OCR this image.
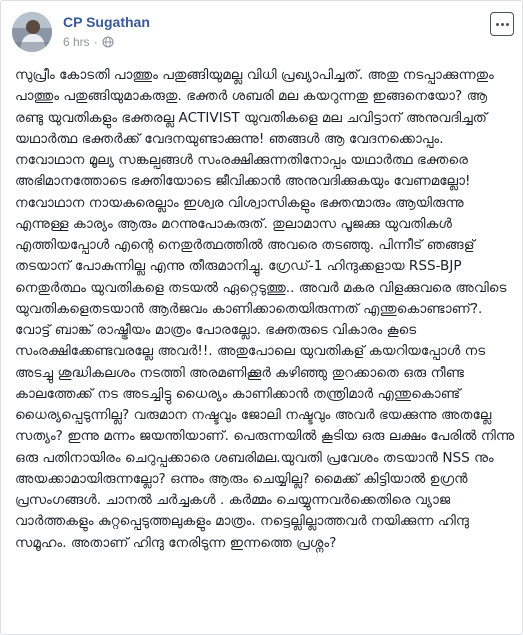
CP Sugathan
6 hrs ·
സുപ്രീം കോടതി പാത്തും പതുങ്ങിയുമല്ല വിധി പ്രഖ്യാപിച്ചത്. അതു നടപ്പാക്കുന്നതും പാത്തും പതുങ്ങിയുമാകരുതു. ഭക്തർ ശബരി മല കയറുന്നതു ഇങ്ങനെയോ? ആ രണ്ടു യുവതികളും ഭക്തരല്ല ACTIVIST യുവതികളെ മല ചവിട്ടാന് അനുവദിച്ചത് യഥാർത്ഥ ഭക്തർക്ക് വേദനയുണ്ടാക്കുന്നു! ഞങ്ങൾ ആ വേദനക്കൊപ്പം. നവോഥാന മൂല്യ സങ്കല്പങ്ങൾ സംരക്ഷിക്കുന്നതിനോപ്പം യഥാർത്ഥ ഭക്തരെ അഭിമാനത്തോടെ ഭക്തിയോടെ ജീവിക്കാൻ അനുവദിക്കുകയും വേണമല്ലോ! നവോഥാന നായകരെല്ലാം ഇശ്വര വിശ്വാസികളും ഭക്തന്മാരും ആയിരുന്നു എന്നുള്ള കാര്യം ആരും മറന്നുപോകരുത്. തുലാമാസ പൂജക്കു യുവതികൾ എത്തിയപ്പോൾ എന്റെ നെതുർത്ഥത്തിൽ അവരെ തടഞ്ഞു. പിന്നീട് ഞങ്ങള് തടയാന് പോകുന്നില്ല എന്നു തീരുമാനിച്ചു. ഗ്രേഡ്-1 ഹിന്ദുക്കളായ RSS-BJP നെതുർത്ഥം യുവതികളെ തടയൽ ഏറ്റെടുത്തു.. അവർ മകര വിളക്കുവരെ അവിടെ യുവതികളെതടയാൻ ആർജവം കാണിക്കാതെയിരുന്നത് എന്തുകൊണ്ടാണ്?. വോട്ട് ബാങ്ക് രാഷ്ട്രീയം മാത്രം പോരല്ലോ. ഭക്തരുടെ വികാരം കൂടെ സംരക്ഷിക്കേണ്ടവരല്ലേ അവർ!!. അതുപോലെ യുവതികള് കയറിയപ്പോൾ നട അടച്ചു ശുദ്ധികലശം നടത്തി അരമണിക്കൂർ കഴിഞ്ഞു തുറക്കാതെ ഒരു നീണ്ട കാലത്തേക്ക് നട അടച്ചിട്ടു ധൈര്യം കാണിക്കാൻ തന്ത്രിമാർ എന്തുകൊണ്ട് ധൈര്യപ്പെടുന്നില്ല? വരുമാന നഷ്ടവും ജോലി നഷ്ടവും അവർ ഭയക്കുന്നു അതല്ലേ സത്യം? ഇന്നു മന്നം ജയന്തിയാണ്. പെരുന്നയിൽ കൂടിയ ഒരു ലക്ഷം പേരിൽ നിന്നു ഒരു പതിനായിരം ചെറുപ്പക്കാരെ ശബരിമല.യുവതി പ്രവേശം തടയാൻ NSS നും അയക്കാമായിരുന്നല്ലോ? ഒന്നും ആരും ചെയ്യില്ല? മൈക്ക് കിട്ടിയാൽ ഉഗ്രൻ പ്രസംഗങ്ങൾ. ചാനൽ ചർച്ചകൾ . കർമ്മം ചെയ്യുന്നവർക്കെതിരെ വ്യാജ വാർത്തകളും കുറ്റപ്പെടുത്തലുകളും മാത്രം. നട്ടെല്ലില്ലാത്തവർ നയിക്കുന്ന ഹിന്ദു സമൂഹം. അതാണ് ഹിന്ദു നേരിടുന്ന ഇന്നത്തെ പ്രശ്നം?
